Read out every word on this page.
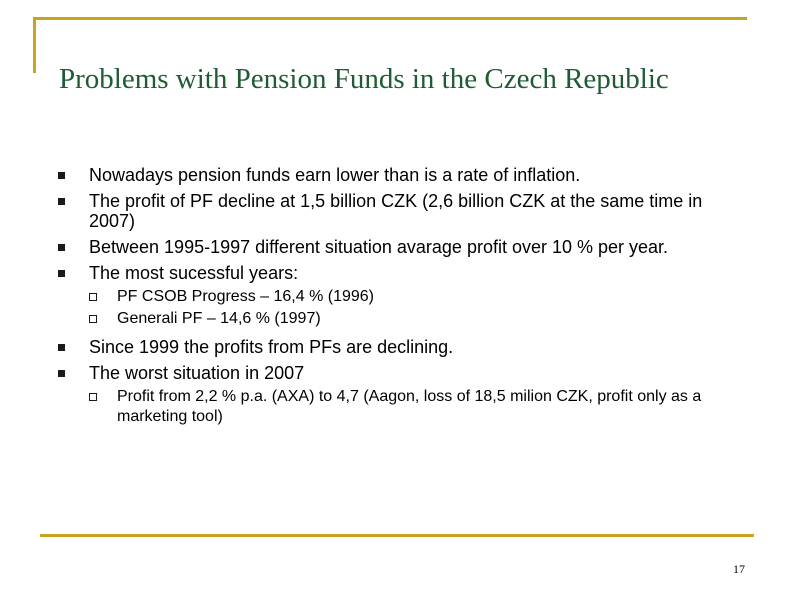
Problems with Pension Funds in the Czech Republic
Nowadays pension funds earn lower than is a rate of inflation.
The profit of PF decline at 1,5 billion CZK (2,6 billion CZK at the same time in 2007)
Between 1995-1997 different situation avarage profit over 10 % per year.
The most sucessful years:
PF CSOB Progress – 16,4 % (1996)
Generali PF – 14,6 % (1997)
Since 1999 the profits from PFs are declining.
The worst situation in 2007
Profit from 2,2 % p.a. (AXA) to 4,7 (Aagon, loss of 18,5 milion CZK, profit only as a marketing tool)
17
